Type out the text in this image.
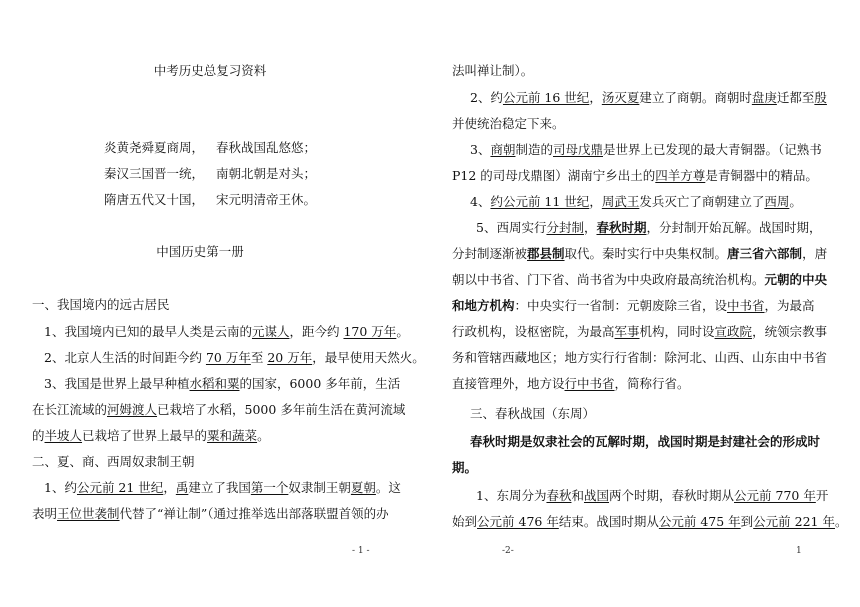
中考历史总复习资料
炎黄尧舜夏商周， 春秋战国乱悠悠；
秦汉三国晋一统， 南朝北朝是对头；
隋唐五代又十国， 宋元明清帝王休。
中国历史第一册
一、我国境内的远古居民
1、我国境内已知的最早人类是云南的元谋人，距今约 170 万年。
2、北京人生活的时间距今约 70 万年至 20 万年，最早使用天然火。
3、我国是世界上最早种植水稻和粟的国家，6000 多年前，生活
在长江流域的河姆渡人已栽培了水稻，5000 多年前生活在黄河流域
的半坡人已栽培了世界上最早的粟和蔬菜。
二、夏、商、西周奴隶制王朝
1、约公元前 21 世纪，禹建立了我国第一个奴隶制王朝夏朝。这
表明王位世袭制代替了“禅让制”（通过推举选出部落联盟首领的办
- 1 -
法叫禅让制）。
2、约公元前 16 世纪，汤灭夏建立了商朝。商朝时盘庚迁都至殷
并使统治稳定下来。
3、商朝制造的司母戊鼎是世界上已发现的最大青铜器。（记熟书
P12 的司母戊鼎图）湖南宁乡出土的四羊方尊是青铜器中的精品。
4、约公元前 11 世纪，周武王发兵灭亡了商朝建立了西周。
5、西周实行分封制，春秋时期，分封制开始瓦解。战国时期，
分封制逐渐被郡县制取代。秦时实行中央集权制。唐三省六部制，唐
朝以中书省、门下省、尚书省为中央政府最高统治机构。元朝的中央
和地方机构：中央实行一省制：元朝废除三省，设中书省，为最高
行政机构，设枢密院，为最高军事机构，同时设宣政院，统领宗教事
务和管辖西藏地区；地方实行行省制：除河北、山西、山东由中书省
直接管理外，地方设行中书省，简称行省。
三、春秋战国（东周）
春秋时期是奴隶社会的瓦解时期，战国时期是封建社会的形成时
期。
1、东周分为春秋和战国两个时期，春秋时期从公元前 770 年开
始到公元前 476 年结束。战国时期从公元前 475 年到公元前 221 年。
-2-	1
